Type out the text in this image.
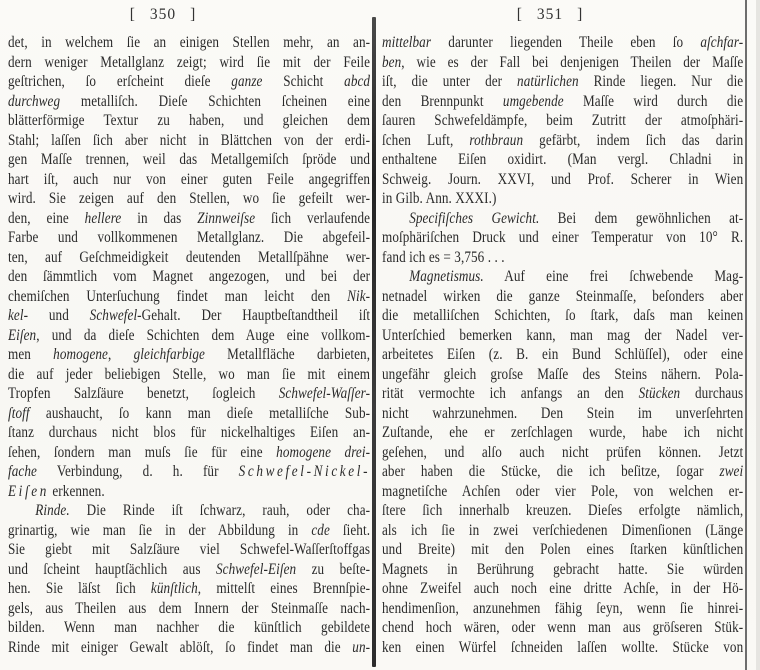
[ 350 ]	[ 351 ]
det, in welchem ſie an einigen Stellen mehr, an an-
dern weniger Metallglanz zeigt; wird ſie mit der Feile
geſtrichen, ſo erſcheint dieſe ganze Schicht abcd
durchweg metalliſch. Dieſe Schichten ſcheinen eine
blätterförmige Textur zu haben, und gleichen dem
Stahl; laſſen ſich aber nicht in Blättchen von der erdi-
gen Maſſe trennen, weil das Metallgemiſch ſpröde und
hart iſt, auch nur von einer guten Feile angegriffen
wird. Sie zeigen auf den Stellen, wo ſie gefeilt wer-
den, eine hellere in das Zinnweiſse ſich verlaufende
Farbe und vollkommenen Metallglanz. Die abgefeil-
ten, auf Geſchmeidigkeit deutenden Metallſpähne wer-
den ſämmtlich vom Magnet angezogen, und bei der
chemiſchen Unterſuchung findet man leicht den Nik-
kel- und Schwefel-Gehalt. Der Hauptbeſtandtheil iſt
Eiſen, und da dieſe Schichten dem Auge eine vollkom-
men homogene, gleichfarbige Metallfläche darbieten,
die auf jeder beliebigen Stelle, wo man ſie mit einem
Tropfen Salzſäure benetzt, ſogleich Schwefel-Waſſer-
ſtoff aushaucht, ſo kann man dieſe metalliſche Sub-
ſtanz durchaus nicht blos für nickelhaltiges Eiſen an-
ſehen, ſondern man muſs ſie für eine homogene drei-
fache Verbindung, d. h. für Schwefel-Nickel-
Eiſen erkennen.
Rinde. Die Rinde iſt ſchwarz, rauh, oder cha-
grinartig, wie man ſie in der Abbildung in cde ſieht.
Sie giebt mit Salzſäure viel Schwefel-Waſſerſtoffgas
und ſcheint hauptſächlich aus Schwefel-Eiſen zu beſte-
hen. Sie läſst ſich künſtlich, mittelſt eines Brennſpie-
gels, aus Theilen aus dem Innern der Steinmaſſe nach-
bilden. Wenn man nachher die künſtlich gebildete
Rinde mit einiger Gewalt ablöſt, ſo findet man die un-
mittelbar darunter liegenden Theile eben ſo aſchfar-
ben, wie es der Fall bei denjenigen Theilen der Maſſe
iſt, die unter der natürlichen Rinde liegen. Nur die
den Brennpunkt umgebende Maſſe wird durch die
ſauren Schwefeldämpfe, beim Zutritt der atmoſphäri-
ſchen Luft, rothbraun gefärbt, indem ſich das darin
enthaltene Eiſen oxidirt. (Man vergl. Chladni in
Schweig. Journ. XXVI, und Prof. Scherer in Wien
in Gilb. Ann. XXXI.)
Specifiſches Gewicht. Bei dem gewöhnlichen at-
moſphäriſchen Druck und einer Temperatur von 10° R.
fand ich es = 3,756 . . .
Magnetismus. Auf eine frei ſchwebende Mag-
netnadel wirken die ganze Steinmaſſe, beſonders aber
die metalliſchen Schichten, ſo ſtark, daſs man keinen
Unterſchied bemerken kann, man mag der Nadel ver-
arbeitetes Eiſen (z. B. ein Bund Schlüſſel), oder eine
ungefähr gleich groſse Maſſe des Steins nähern. Pola-
rität vermochte ich anfangs an den Stücken durchaus
nicht wahrzunehmen. Den Stein im unverſehrten
Zuſtande, ehe er zerſchlagen wurde, habe ich nicht
geſehen, und alſo auch nicht prüfen können. Jetzt
aber haben die Stücke, die ich beſitze, ſogar zwei
magnetiſche Achſen oder vier Pole, von welchen er-
ſtere ſich innerhalb kreuzen. Dieſes erfolgte nämlich,
als ich ſie in zwei verſchiedenen Dimenſionen (Länge
und Breite) mit den Polen eines ſtarken künſtlichen
Magnets in Berührung gebracht hatte. Sie würden
ohne Zweifel auch noch eine dritte Achſe, in der Hö-
hendimenſion, anzunehmen fähig ſeyn, wenn ſie hinrei-
chend hoch wären, oder wenn man aus gröſseren Stük-
ken einen Würfel ſchneiden laſſen wollte. Stücke von
